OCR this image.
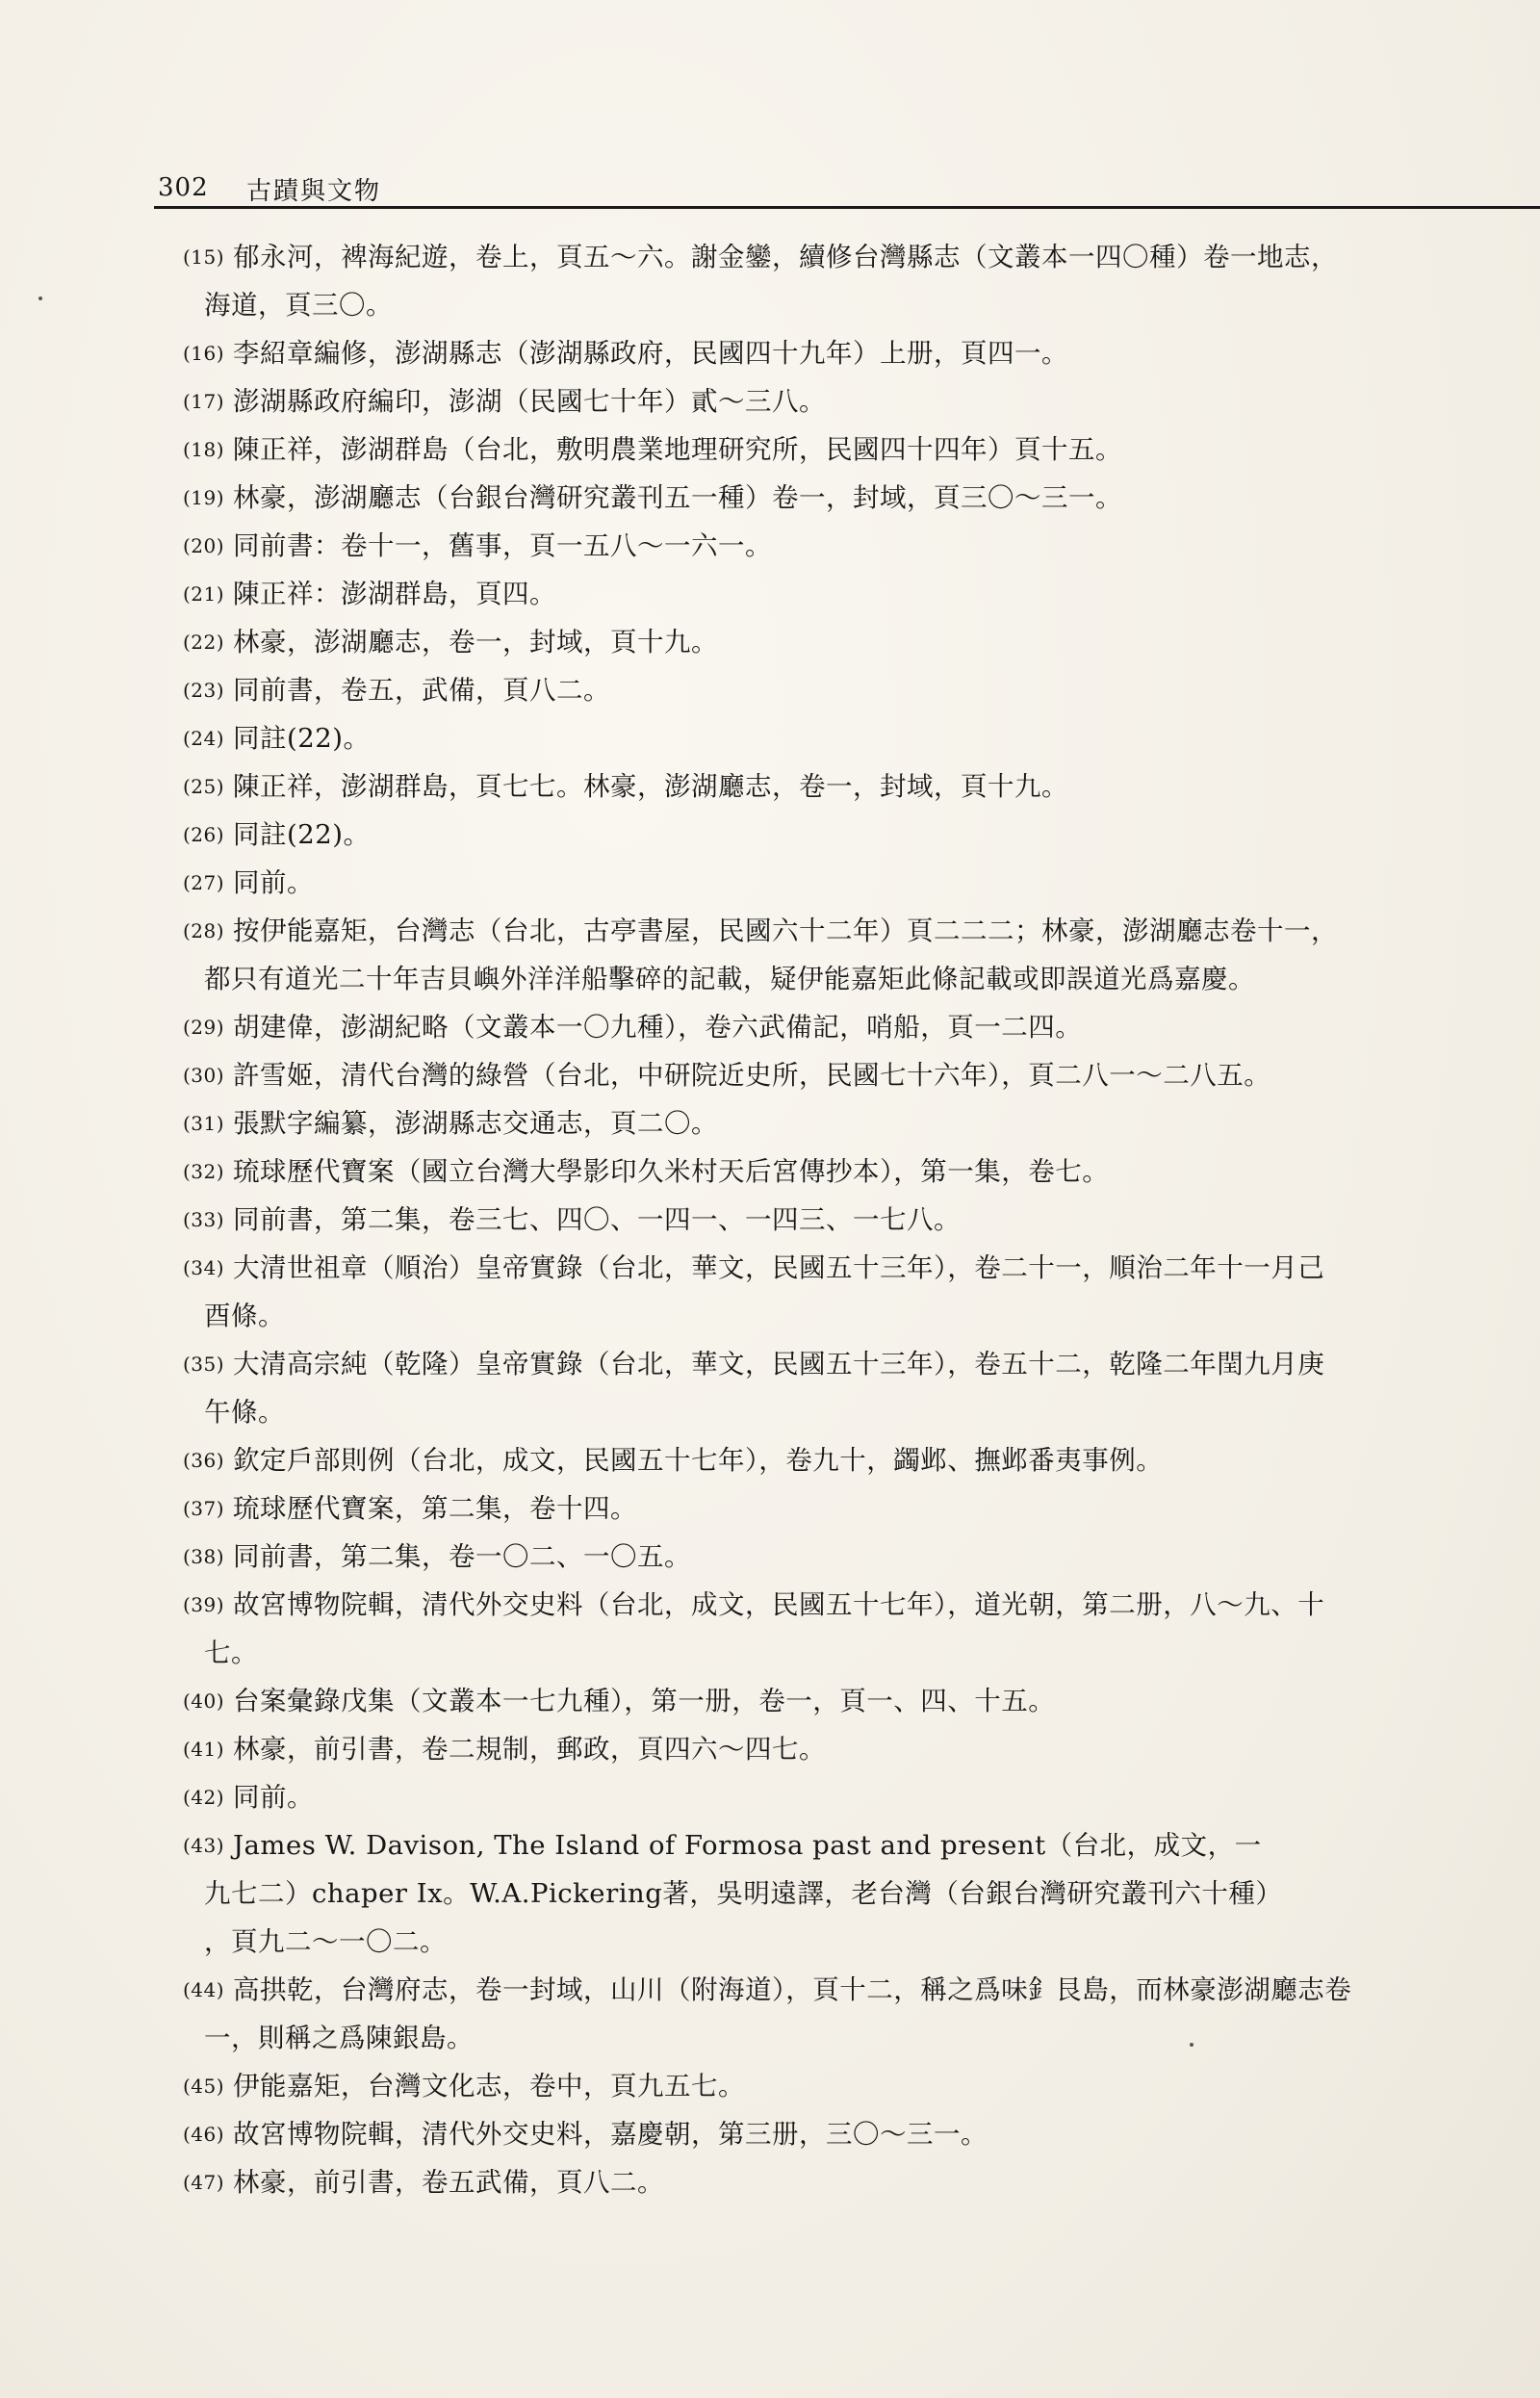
302 古蹟與文物
(15) 郁永河，裨海紀遊，卷上，頁五～六。謝金鑾，續修台灣縣志（文叢本一四〇種）卷一地志，
海道，頁三〇。
(16) 李紹章編修，澎湖縣志（澎湖縣政府，民國四十九年）上册，頁四一。
(17) 澎湖縣政府編印，澎湖（民國七十年）貳～三八。
(18) 陳正祥，澎湖群島（台北，敷明農業地理研究所，民國四十四年）頁十五。
(19) 林豪，澎湖廳志（台銀台灣研究叢刊五一種）卷一，封域，頁三〇～三一。
(20) 同前書：卷十一，舊事，頁一五八～一六一。
(21) 陳正祥：澎湖群島，頁四。
(22) 林豪，澎湖廳志，卷一，封域，頁十九。
(23) 同前書，卷五，武備，頁八二。
(24) 同註(22)。
(25) 陳正祥，澎湖群島，頁七七。林豪，澎湖廳志，卷一，封域，頁十九。
(26) 同註(22)。
(27) 同前。
(28) 按伊能嘉矩，台灣志（台北，古亭書屋，民國六十二年）頁二二二；林豪，澎湖廳志卷十一，
都只有道光二十年吉貝嶼外洋洋船擊碎的記載，疑伊能嘉矩此條記載或即誤道光爲嘉慶。
(29) 胡建偉，澎湖紀略（文叢本一〇九種），卷六武備記，哨船，頁一二四。
(30) 許雪姬，清代台灣的綠營（台北，中研院近史所，民國七十六年），頁二八一～二八五。
(31) 張默字編纂，澎湖縣志交通志，頁二〇。
(32) 琉球歷代寶案（國立台灣大學影印久米村天后宮傳抄本），第一集，卷七。
(33) 同前書，第二集，卷三七、四〇、一四一、一四三、一七八。
(34) 大清世祖章（順治）皇帝實錄（台北，華文，民國五十三年），卷二十一，順治二年十一月己
酉條。
(35) 大清高宗純（乾隆）皇帝實錄（台北，華文，民國五十三年），卷五十二，乾隆二年閏九月庚
午條。
(36) 欽定戶部則例（台北，成文，民國五十七年），卷九十，蠲邺、撫邺番夷事例。
(37) 琉球歷代寶案，第二集，卷十四。
(38) 同前書，第二集，卷一〇二、一〇五。
(39) 故宮博物院輯，清代外交史料（台北，成文，民國五十七年），道光朝，第二册，八～九、十
七。
(40) 台案彙錄戊集（文叢本一七九種），第一册，卷一，頁一、四、十五。
(41) 林豪，前引書，卷二規制，郵政，頁四六～四七。
(42) 同前。
(43) James W. Davison, The Island of Formosa past and present（台北，成文，一
九七二）chaper Ix。W.A.Pickering著，吳明遠譯，老台灣（台銀台灣研究叢刊六十種）
，頁九二～一〇二。
(44) 高拱乾，台灣府志，卷一封域，山川（附海道），頁十二，稱之爲味釒艮島，而林豪澎湖廳志卷
一，則稱之爲陳銀島。
(45) 伊能嘉矩，台灣文化志，卷中，頁九五七。
(46) 故宮博物院輯，清代外交史料，嘉慶朝，第三册，三〇～三一。
(47) 林豪，前引書，卷五武備，頁八二。
